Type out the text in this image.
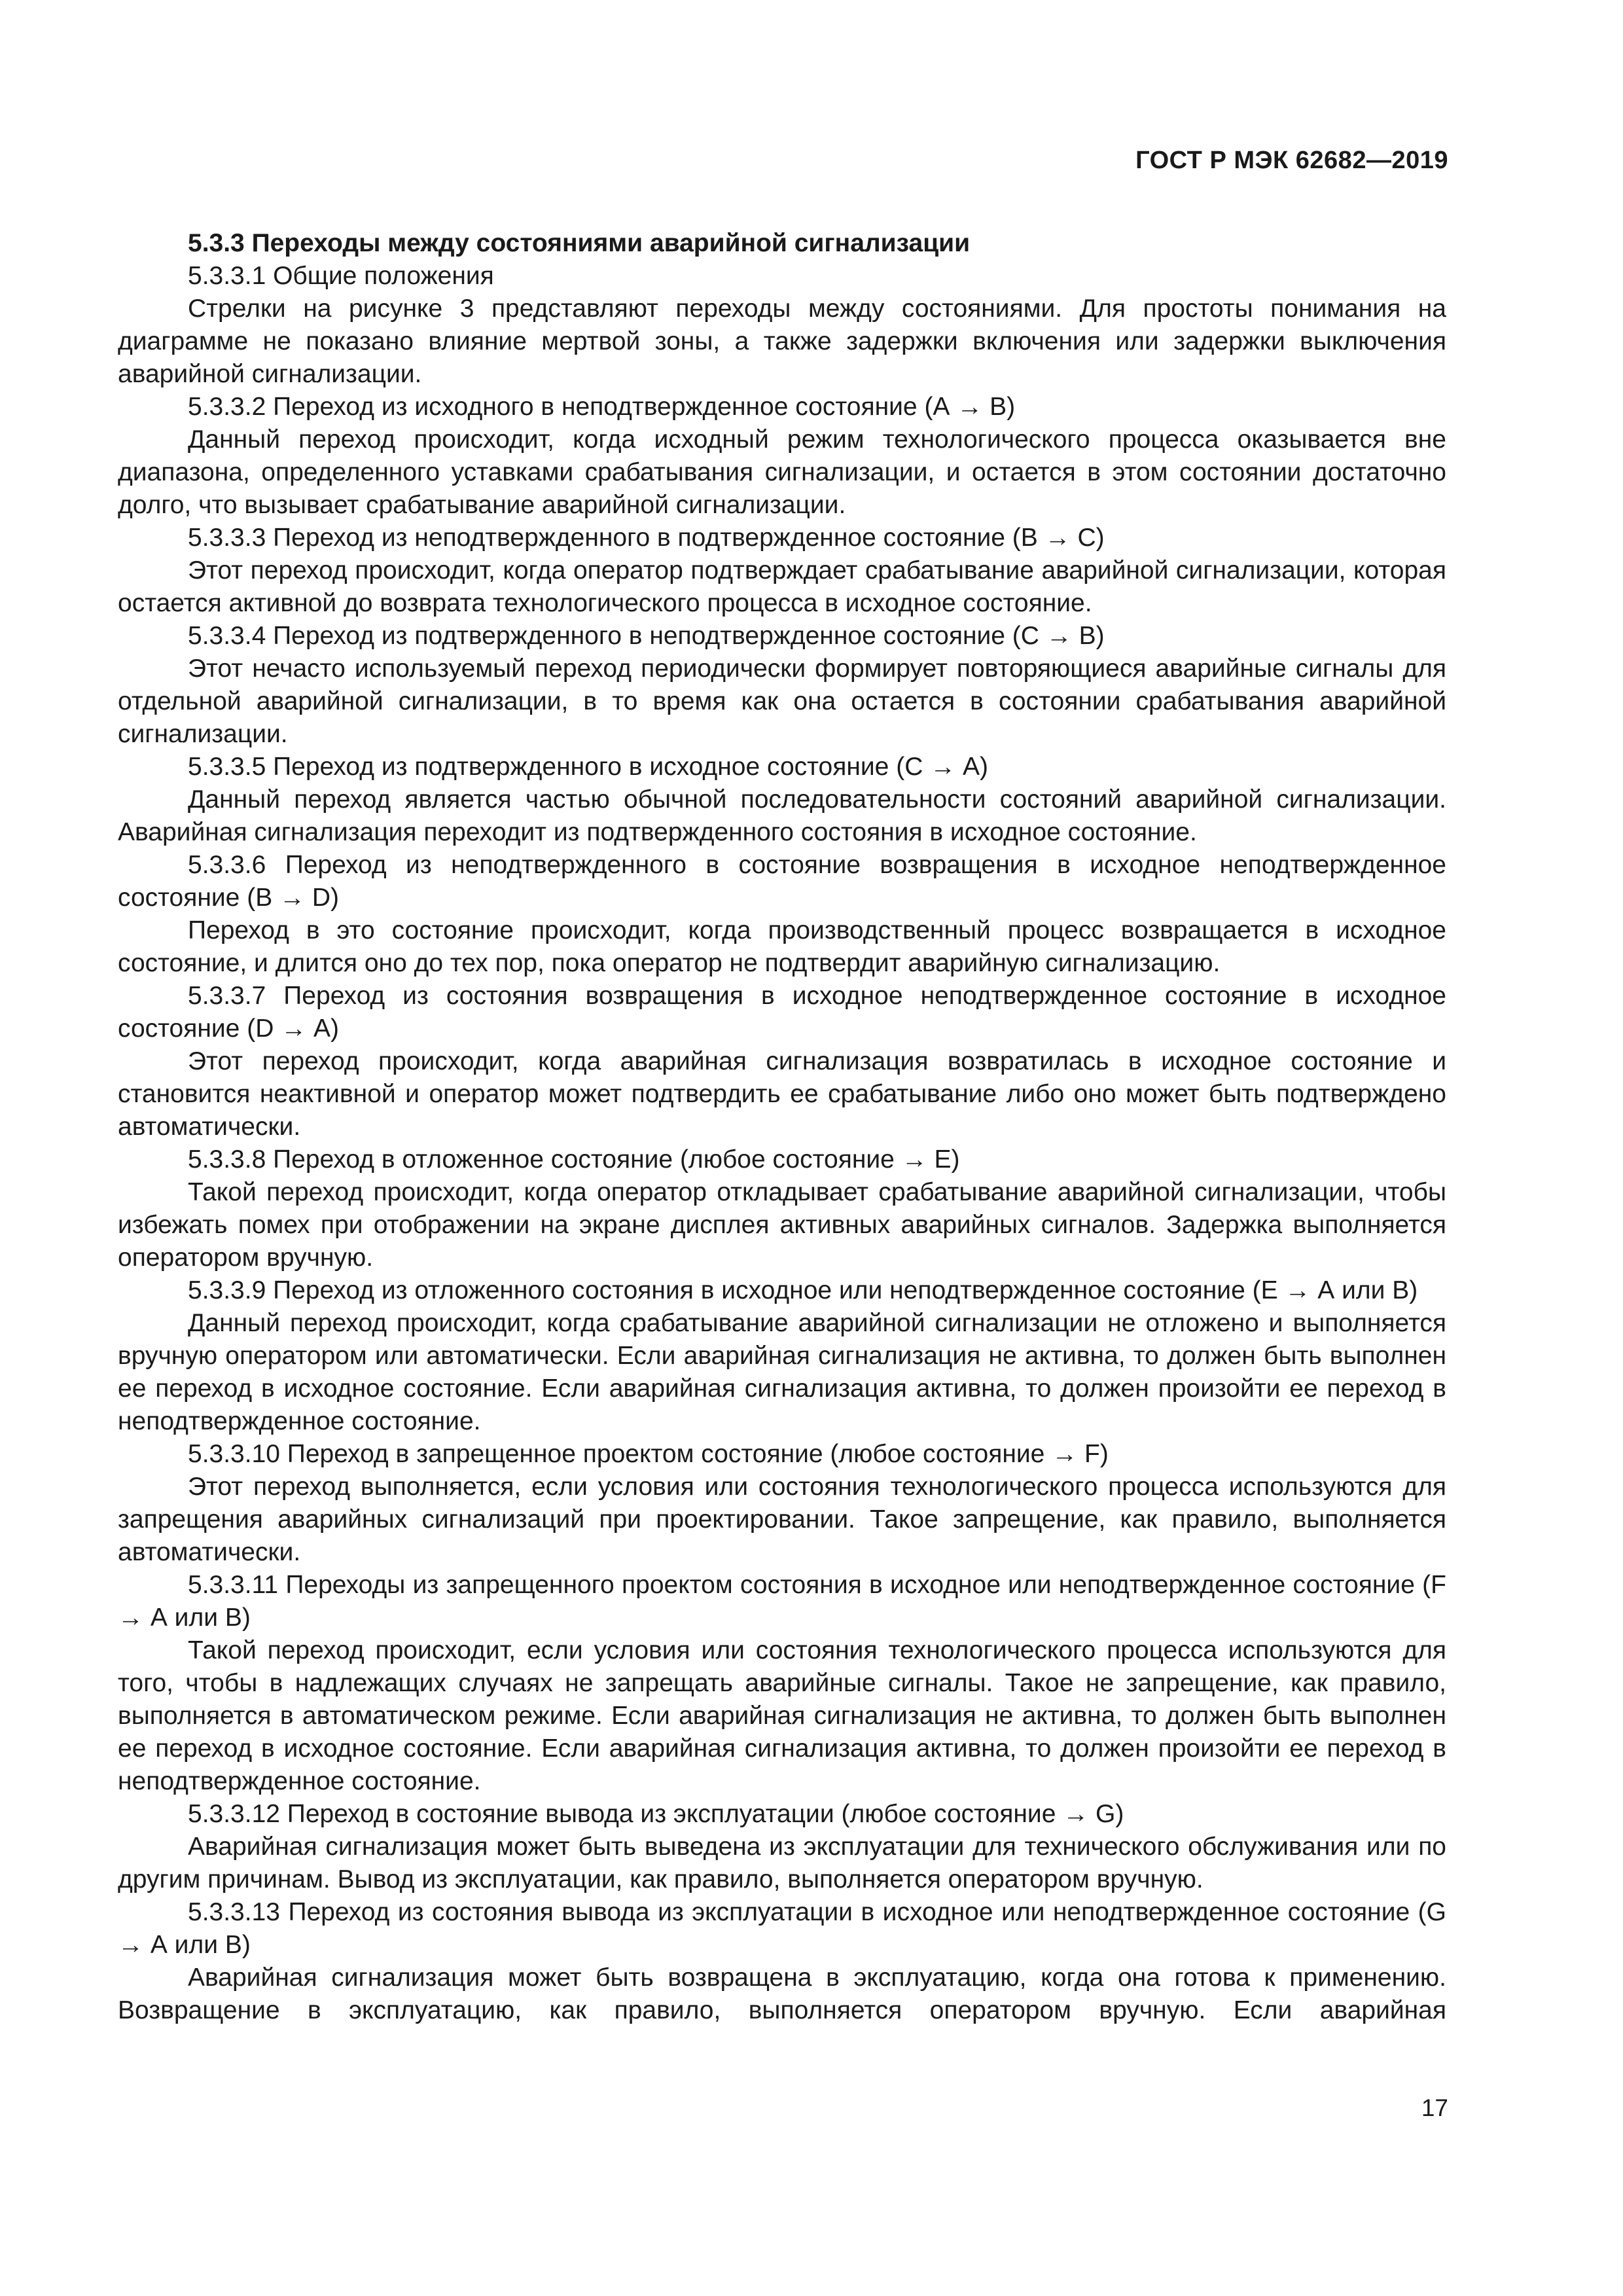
ГОСТ Р МЭК 62682—2019

5.3.3 Переходы между состояниями аварийной сигнализации

5.3.3.1 Общие положения

Стрелки на рисунке 3 представляют переходы между состояниями. Для простоты понимания на диаграмме не показано влияние мертвой зоны, а также задержки включения или задержки выключения аварийной сигнализации.

5.3.3.2 Переход из исходного в неподтвержденное состояние (А → В)

Данный переход происходит, когда исходный режим технологического процесса оказывается вне диапазона, определенного уставками срабатывания сигнализации, и остается в этом состоянии достаточно долго, что вызывает срабатывание аварийной сигнализации.

5.3.3.3 Переход из неподтвержденного в подтвержденное состояние (В → С)

Этот переход происходит, когда оператор подтверждает срабатывание аварийной сигнализации, которая остается активной до возврата технологического процесса в исходное состояние.

5.3.3.4 Переход из подтвержденного в неподтвержденное состояние (С → В)

Этот нечасто используемый переход периодически формирует повторяющиеся аварийные сигналы для отдельной аварийной сигнализации, в то время как она остается в состоянии срабатывания аварийной сигнализации.

5.3.3.5 Переход из подтвержденного в исходное состояние (С → А)

Данный переход является частью обычной последовательности состояний аварийной сигнализации. Аварийная сигнализация переходит из подтвержденного состояния в исходное состояние.

5.3.3.6 Переход из неподтвержденного в состояние возвращения в исходное неподтвержденное состояние (В → D)

Переход в это состояние происходит, когда производственный процесс возвращается в исходное состояние, и длится оно до тех пор, пока оператор не подтвердит аварийную сигнализацию.

5.3.3.7 Переход из состояния возвращения в исходное неподтвержденное состояние в исходное состояние (D → А)

Этот переход происходит, когда аварийная сигнализация возвратилась в исходное состояние и становится неактивной и оператор может подтвердить ее срабатывание либо оно может быть подтверждено автоматически.

5.3.3.8 Переход в отложенное состояние (любое состояние → Е)

Такой переход происходит, когда оператор откладывает срабатывание аварийной сигнализации, чтобы избежать помех при отображении на экране дисплея активных аварийных сигналов. Задержка выполняется оператором вручную.

5.3.3.9 Переход из отложенного состояния в исходное или неподтвержденное состояние (Е → А или В)

Данный переход происходит, когда срабатывание аварийной сигнализации не отложено и выполняется вручную оператором или автоматически. Если аварийная сигнализация не активна, то должен быть выполнен ее переход в исходное состояние. Если аварийная сигнализация активна, то должен произойти ее переход в неподтвержденное состояние.

5.3.3.10 Переход в запрещенное проектом состояние (любое состояние → F)

Этот переход выполняется, если условия или состояния технологического процесса используются для запрещения аварийных сигнализаций при проектировании. Такое запрещение, как правило, выполняется автоматически.

5.3.3.11 Переходы из запрещенного проектом состояния в исходное или неподтвержденное состояние (F → А или В)

Такой переход происходит, если условия или состояния технологического процесса используются для того, чтобы в надлежащих случаях не запрещать аварийные сигналы. Такое не запрещение, как правило, выполняется в автоматическом режиме. Если аварийная сигнализация не активна, то должен быть выполнен ее переход в исходное состояние. Если аварийная сигнализация активна, то должен произойти ее переход в неподтвержденное состояние.

5.3.3.12 Переход в состояние вывода из эксплуатации (любое состояние → G)

Аварийная сигнализация может быть выведена из эксплуатации для технического обслуживания или по другим причинам. Вывод из эксплуатации, как правило, выполняется оператором вручную.

5.3.3.13 Переход из состояния вывода из эксплуатации в исходное или неподтвержденное состояние (G → А или В)

Аварийная сигнализация может быть возвращена в эксплуатацию, когда она готова к применению. Возвращение в эксплуатацию, как правило, выполняется оператором вручную. Если аварийная

17
